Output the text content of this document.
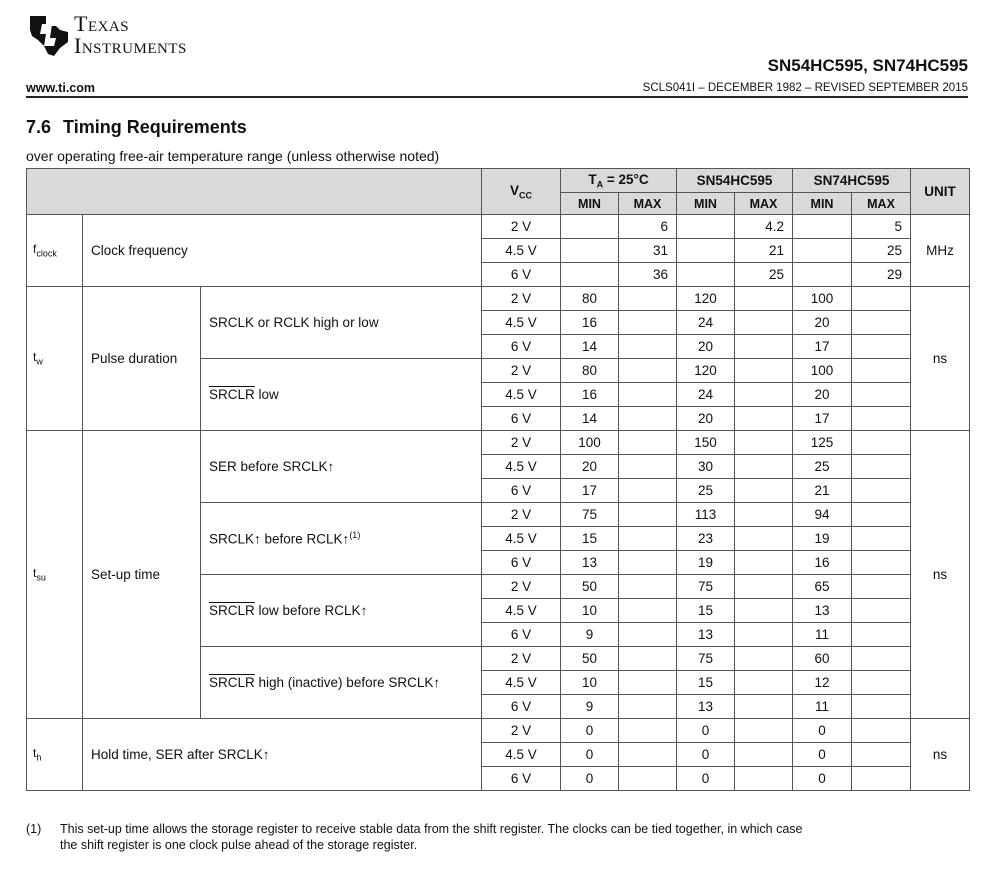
Texas
Instruments
SN54HC595, SN74HC595
www.ti.com	SCLS041I – DECEMBER 1982 – REVISED SEPTEMBER 2015
7.6 Timing Requirements
over operating free-air temperature range (unless otherwise noted)
			$V_{CC}$	$T_A = 25^\circ C$		SN54HC595		SN74HC595		UNIT
				MIN	MAX	MIN	MAX	MIN	MAX	
$f_{clock}$	Clock frequency		2 V		6		4.2		5	MHz
			4.5 V		31		21		25	
			6 V		36		25		29	
$t_w$	Pulse duration	SRCLK or RCLK high or low	2 V	80		120		100		ns
			4.5 V	16		24		20		
			6 V	14		20		17		
		SRCLR low	2 V	80		120		100		
			4.5 V	16		24		20		
			6 V	14		20		17		
$t_{su}$	Set-up time	SER before SRCLK↑	2 V	100		150		125		ns
			4.5 V	20		30		25		
			6 V	17		25		21		
		SRCLK↑ before RCLK↑$^{(1)}$	2 V	75		113		94		
			4.5 V	15		23		19		
			6 V	13		19		16		
		SRCLR low before RCLK↑	2 V	50		75		65		
			4.5 V	10		15		13		
			6 V	9		13		11		
		SRCLR high (inactive) before SRCLK↑	2 V	50		75		60		
			4.5 V	10		15		12		
			6 V	9		13		11		
$t_h$	Hold time, SER after SRCLK↑		2 V	0		0		0		ns
			4.5 V	0		0		0		
			6 V	0		0		0		
(1) This set-up time allows the storage register to receive stable data from the shift register. The clocks can be tied together, in which case
the shift register is one clock pulse ahead of the storage register.
